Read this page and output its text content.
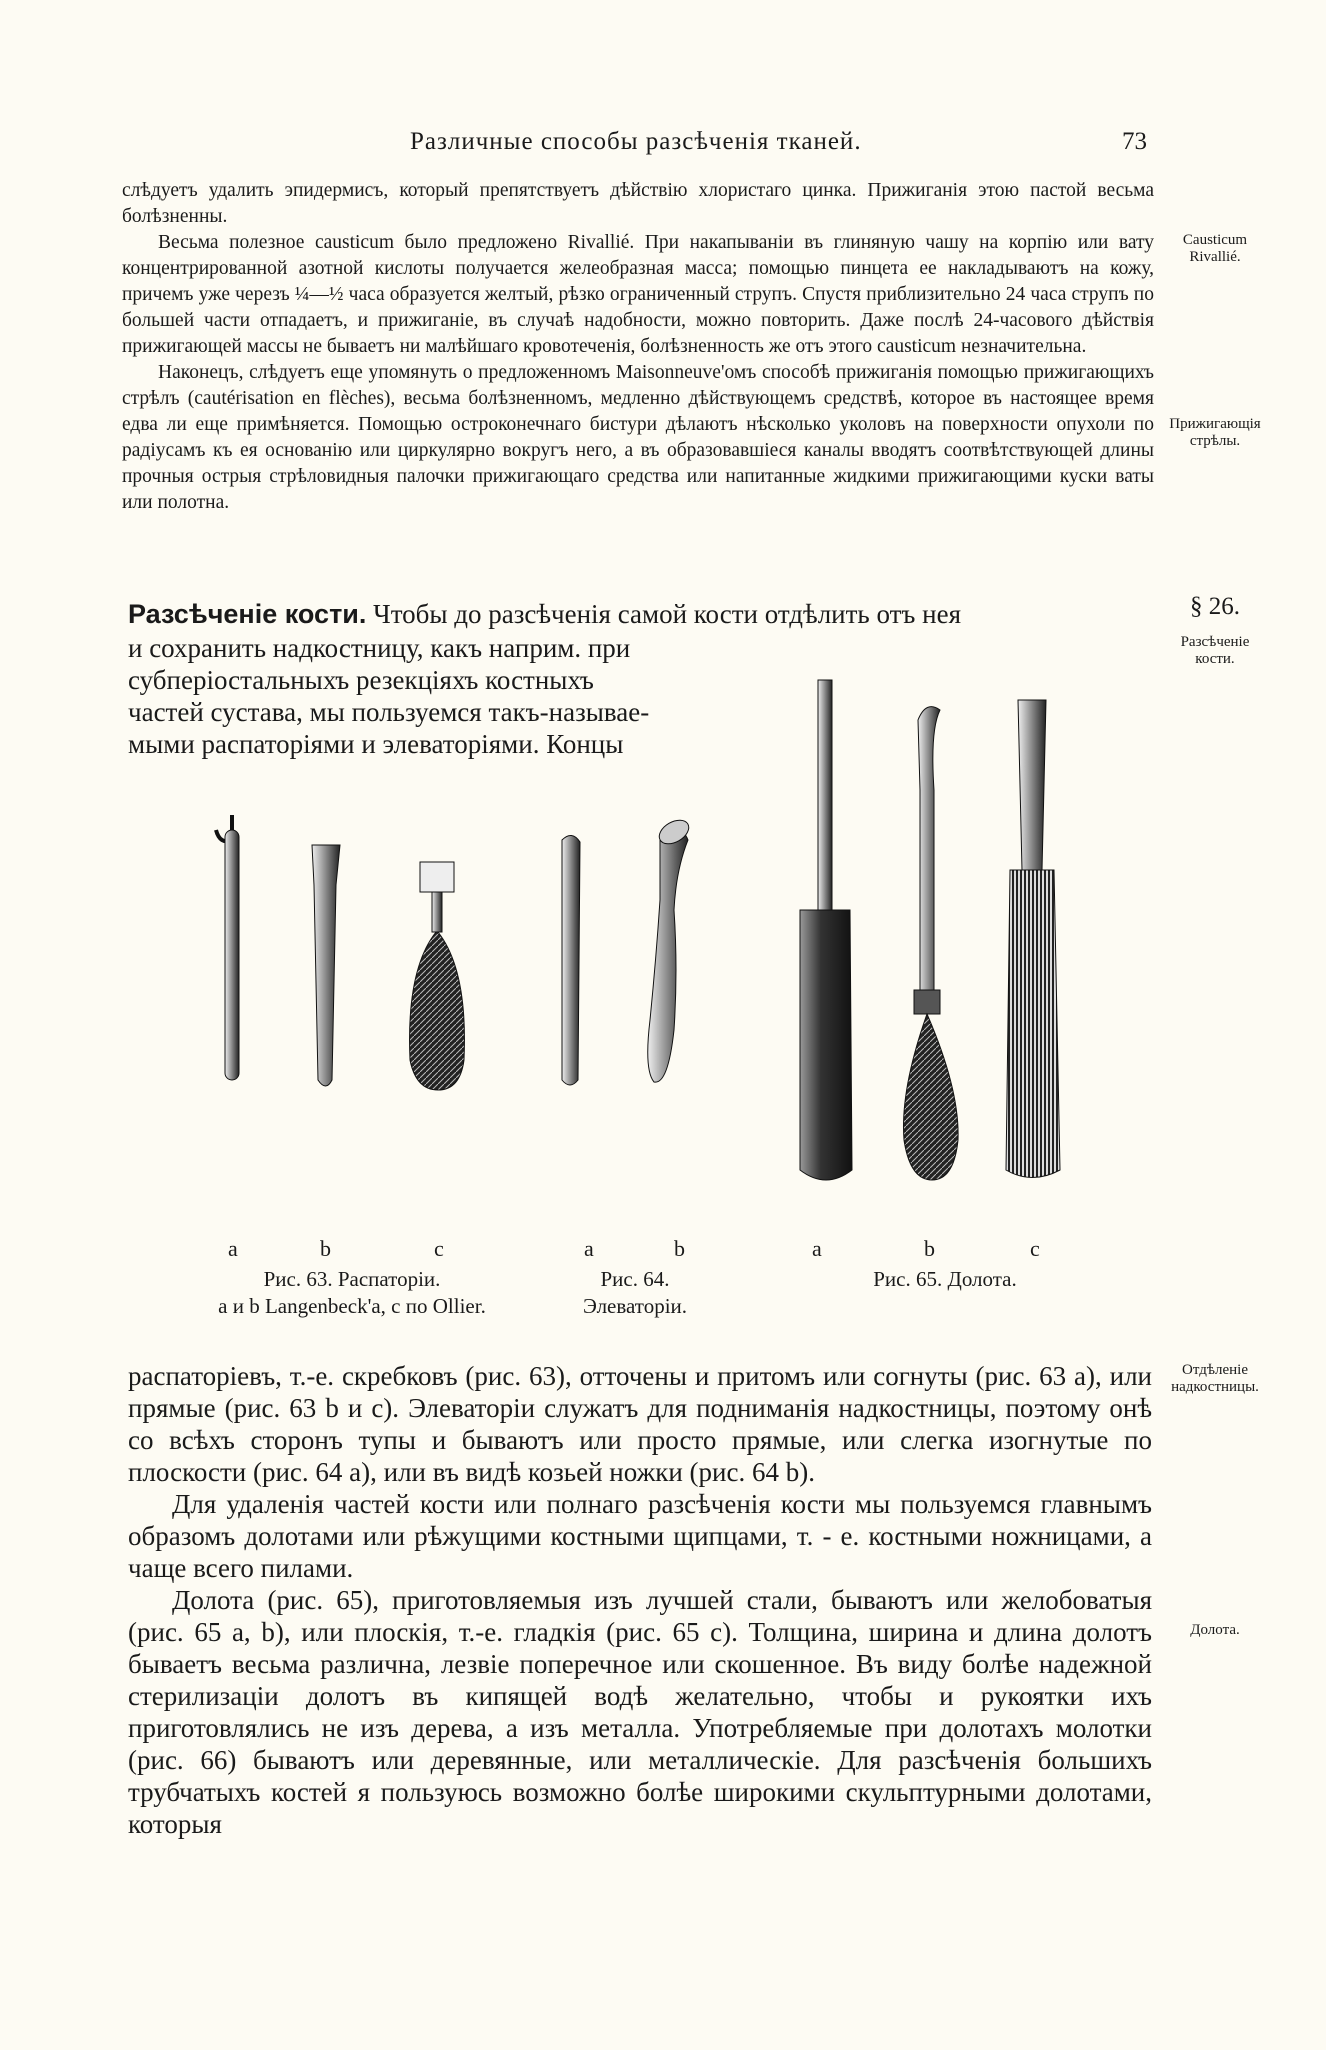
Различные способы разсѣченія тканей.	73

слѣдуетъ удалить эпидермисъ, который препятствуетъ дѣйствію хлористаго цинка. Прижиганія этою пастой весьма болѣзненны.

Весьма полезное causticum было предложено Rivallié. При накапываніи въ глиняную чашу на корпію или вату концентрированной азотной кислоты получается желеобразная масса; помощью пинцета ее накладываютъ на кожу, причемъ уже черезъ ¼—½ часа образуется желтый, рѣзко ограниченный струпъ. Спустя приблизительно 24 часа струпъ по большей части отпадаетъ, и прижиганіе, въ случаѣ надобности, можно повторить. Даже послѣ 24-часового дѣйствія прижигающей массы не бываетъ ни малѣйшаго кровотеченія, болѣзненность же отъ этого causticum незначительна.

Наконецъ, слѣдуетъ еще упомянуть о предложенномъ Maisonneuve'омъ способѣ прижиганія помощью прижигающихъ стрѣлъ (cautérisation en flèches), весьма болѣзненномъ, медленно дѣйствующемъ средствѣ, которое въ настоящее время едва ли еще примѣняется. Помощью остроконечнаго бистури дѣлаютъ нѣсколько уколовъ на поверхности опухоли по радіусамъ къ ея основанію или циркулярно вокругъ него, а въ образовавшіеся каналы вводятъ соотвѣтствующей длины прочныя острыя стрѣловидныя палочки прижигающаго средства или напитанные жидкими прижигающими куски ваты или полотна.

Causticum Rivallié.
Прижигающія стрѣлы.
§ 26.
Разсѣченіе кости.
Отдѣленіе надкостницы.
Долота.
Разсѣченіе кости. Чтобы до разсѣченія самой кости отдѣлить отъ нея
и сохранить надкостницу, какъ наприм. при
субперіостальныхъ резекціяхъ костныхъ
частей сустава, мы пользуемся такъ-называе-
мыми распаторіями и элеваторіями. Концы
a	b	c	a	b	a	b	c
Рис. 63. Распаторіи.
a и b Langenbeck'a, c по Ollier.
Рис. 64.
Элеваторіи.
Рис. 65. Долота.

распаторіевъ, т.-е. скребковъ (рис. 63), отточены и притомъ или согнуты (рис. 63 a), или прямые (рис. 63 b и c). Элеваторіи служатъ для поднимaнія надкостницы, поэтому онѣ со всѣхъ сторонъ тупы и бываютъ или просто прямые, или слегка изогнутые по плоскости (рис. 64 a), или въ видѣ козьей ножки (рис. 64 b).

Для удаленія частей кости или полнаго разсѣченія кости мы пользуемся главнымъ образомъ долотами или рѣжущими костными щипцами, т. - е. костными ножницами, а чаще всего пилами.

Долота (рис. 65), приготовляемыя изъ лучшей стали, бываютъ или желобоватыя (рис. 65 a, b), или плоскія, т.-е. гладкія (рис. 65 c). Толщина, ширина и длина долотъ бываетъ весьма различна, лезвіе поперечное или скошенное. Въ виду болѣе надежной стерилизаціи долотъ въ кипящей водѣ желательно, чтобы и рукоятки ихъ приготовлялись не изъ дерева, а изъ металла. Употребляемые при долотахъ молотки (рис. 66) бываютъ или деревянные, или металлическіе. Для разсѣченія большихъ трубчатыхъ костей я пользуюсь возможно болѣе широкими скульптурными долотами, которыя
